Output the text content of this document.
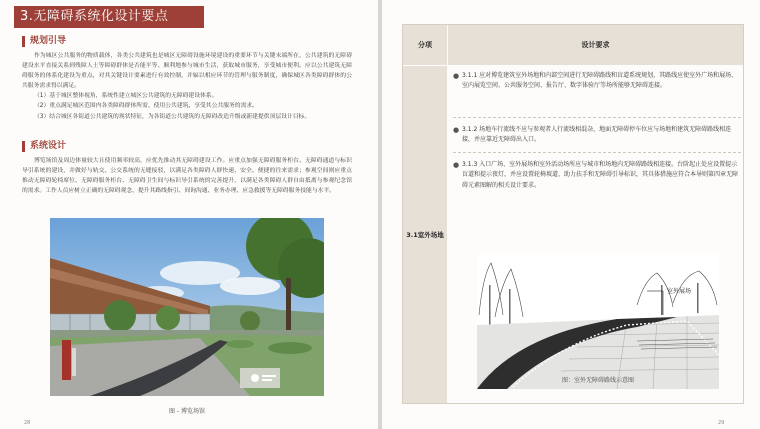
3.无障碍系统化设计要点
规划引导

作为城区公共服务的物质载体，各类公共建筑也是城区无障碍设施环境建设的重要环节与关键末端所在，公共建筑的无障碍建设水平直接关系到残障人士等障碍群体是否能平等、顺利地参与城市生活，获取城市服务，享受城市便利。应以公共建筑无障碍服务的体系化建设为重点，对其关键设计要素进行有效控制，并辐以相应环节的管理与服务制度，确保城区各类障碍群体的公共服务需求得以满足。

（1）基于城区整体视角，系统性建立城区公共建筑的无障碍建设体系。

（2）重点满足城区范围内各类障碍群体所需、使用公共建筑、享受其公共服务的需求。

（3）结合城区各街道公共建筑的现状特征，为各街道公共建筑的无障碍改造升级或新建提供顶层设计目标。

系统设计

博览场馆及周边体量较大且使用频率较高，应优先推动其无障碍建设工作。应重点加强无障碍服务柜台、无障碍通道与标识导引系统的建设，并做好与轨交、公交系统的无缝接驳，以满足各类障碍人群快速、安全、便捷的往来需求；参观空间则应重点推动无障碍轮椅席位、无障碍服务柜台、无障碍卫生间与标识导引系统的完善提升，以满足各类障碍人群自由抵离与参观纪念馆的需求。工作人员应树立正确的无障碍观念，提升其路线指引、间询沟通、业务办理、应急救援等无障碍服务技能与水平。

图 - 博览场馆
28
分项	设计要求
3.1室外场地
● 3.1.1 应对博览建筑室外场地和内部空间进行无障碍路线和盲道系统规划，其路线应使室外广场和展场、室内展览空间、公共服务空间、报告厅、数字体验厅等场所能够无障碍连接。
● 3.1.2 场地车行流线不应与参观者人行流线相混杂，地面无障碍停车位应与场地和建筑无障碍路线相连接，并应靠近无障碍出入口。
● 3.1.3 入口广场、室外展场和室外活动场所应与城市和场地内无障碍路线相连接。台阶起止处应设置提示盲道和提示夜灯，并应设置轮椅坡道、助力扶手和无障碍引导标识，其具体措施应符合本导则第四章无障碍元素图解的相关设计要求。
室外展场
图：室外无障碍路线示意图
29
